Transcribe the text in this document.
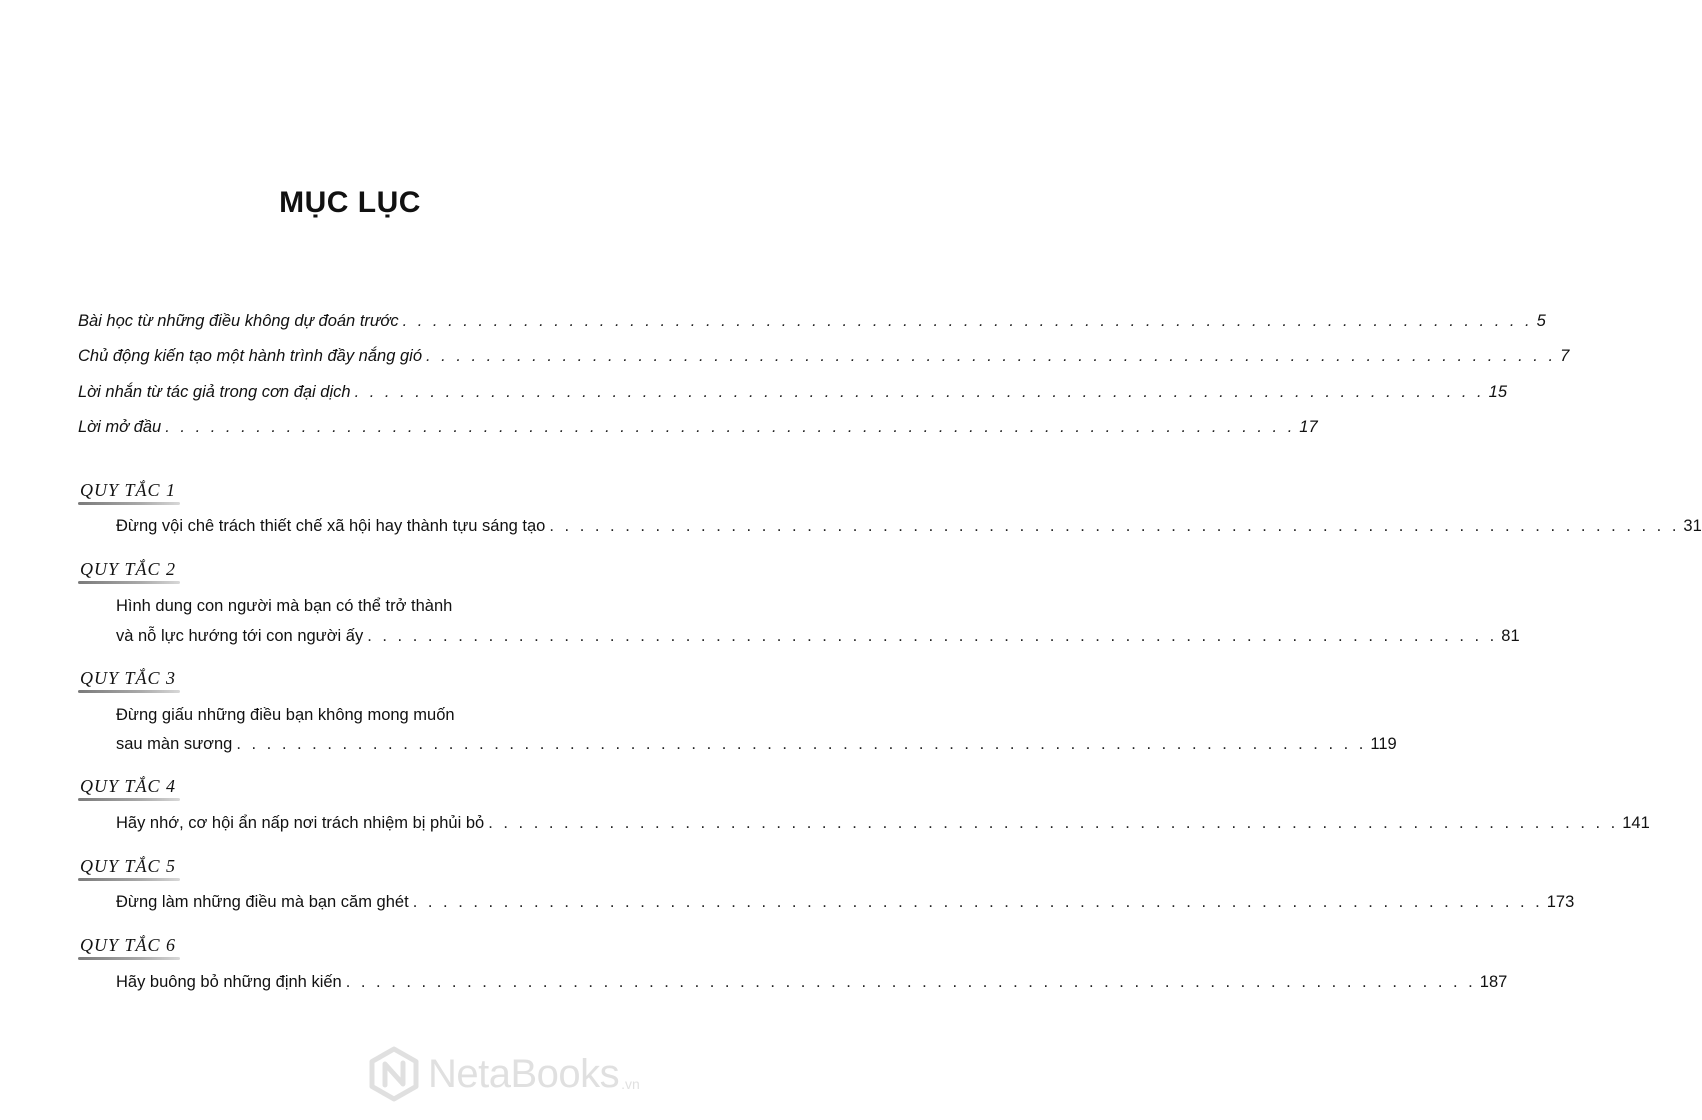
MỤC LỤC
Bài học từ những điều không dự đoán trước . . . . . . . . . . . . . . . . . . . . . . . . . . . . . . . . . . . . . . . . . . . . . . . . . . . . . . . . . . . . . . . . . . . . . . . . . . . 5
Chủ động kiến tạo một hành trình đầy nắng gió . . . . . . . . . . . . . . . . . . . . . . . . . . . . . . . . . . . . . . . . . . . . . . . . . . . . . . . . . . . . . . . . . . . . . . . . . . . 7
Lời nhắn từ tác giả trong cơn đại dịch . . . . . . . . . . . . . . . . . . . . . . . . . . . . . . . . . . . . . . . . . . . . . . . . . . . . . . . . . . . . . . . . . . . . . . . . . . . 15
Lời mở đầu . . . . . . . . . . . . . . . . . . . . . . . . . . . . . . . . . . . . . . . . . . . . . . . . . . . . . . . . . . . . . . . . . . . . . . . . . . . 17
QUY TẮC 1
Đừng vội chê trách thiết chế xã hội hay thành tựu sáng tạo . . . . . . . . . . . . . . . . . . . . . . . . . . . . . . . . . . . . . . . . . . . . . . . . . . . . . . . . . . . . . . . . . . . . . . . . . . . 31
QUY TẮC 2
Hình dung con người mà bạn có thể trở thành
và nỗ lực hướng tới con người ấy . . . . . . . . . . . . . . . . . . . . . . . . . . . . . . . . . . . . . . . . . . . . . . . . . . . . . . . . . . . . . . . . . . . . . . . . . . . 81
QUY TẮC 3
Đừng giấu những điều bạn không mong muốn
sau màn sương . . . . . . . . . . . . . . . . . . . . . . . . . . . . . . . . . . . . . . . . . . . . . . . . . . . . . . . . . . . . . . . . . . . . . . . . . . . 119
QUY TẮC 4
Hãy nhớ, cơ hội ẩn nấp nơi trách nhiệm bị phủi bỏ . . . . . . . . . . . . . . . . . . . . . . . . . . . . . . . . . . . . . . . . . . . . . . . . . . . . . . . . . . . . . . . . . . . . . . . . . . . 141
QUY TẮC 5
Đừng làm những điều mà bạn căm ghét . . . . . . . . . . . . . . . . . . . . . . . . . . . . . . . . . . . . . . . . . . . . . . . . . . . . . . . . . . . . . . . . . . . . . . . . . . . 173
QUY TẮC 6
Hãy buông bỏ những định kiến . . . . . . . . . . . . . . . . . . . . . . . . . . . . . . . . . . . . . . . . . . . . . . . . . . . . . . . . . . . . . . . . . . . . . . . . . . . 187
NetaBooks .vn
